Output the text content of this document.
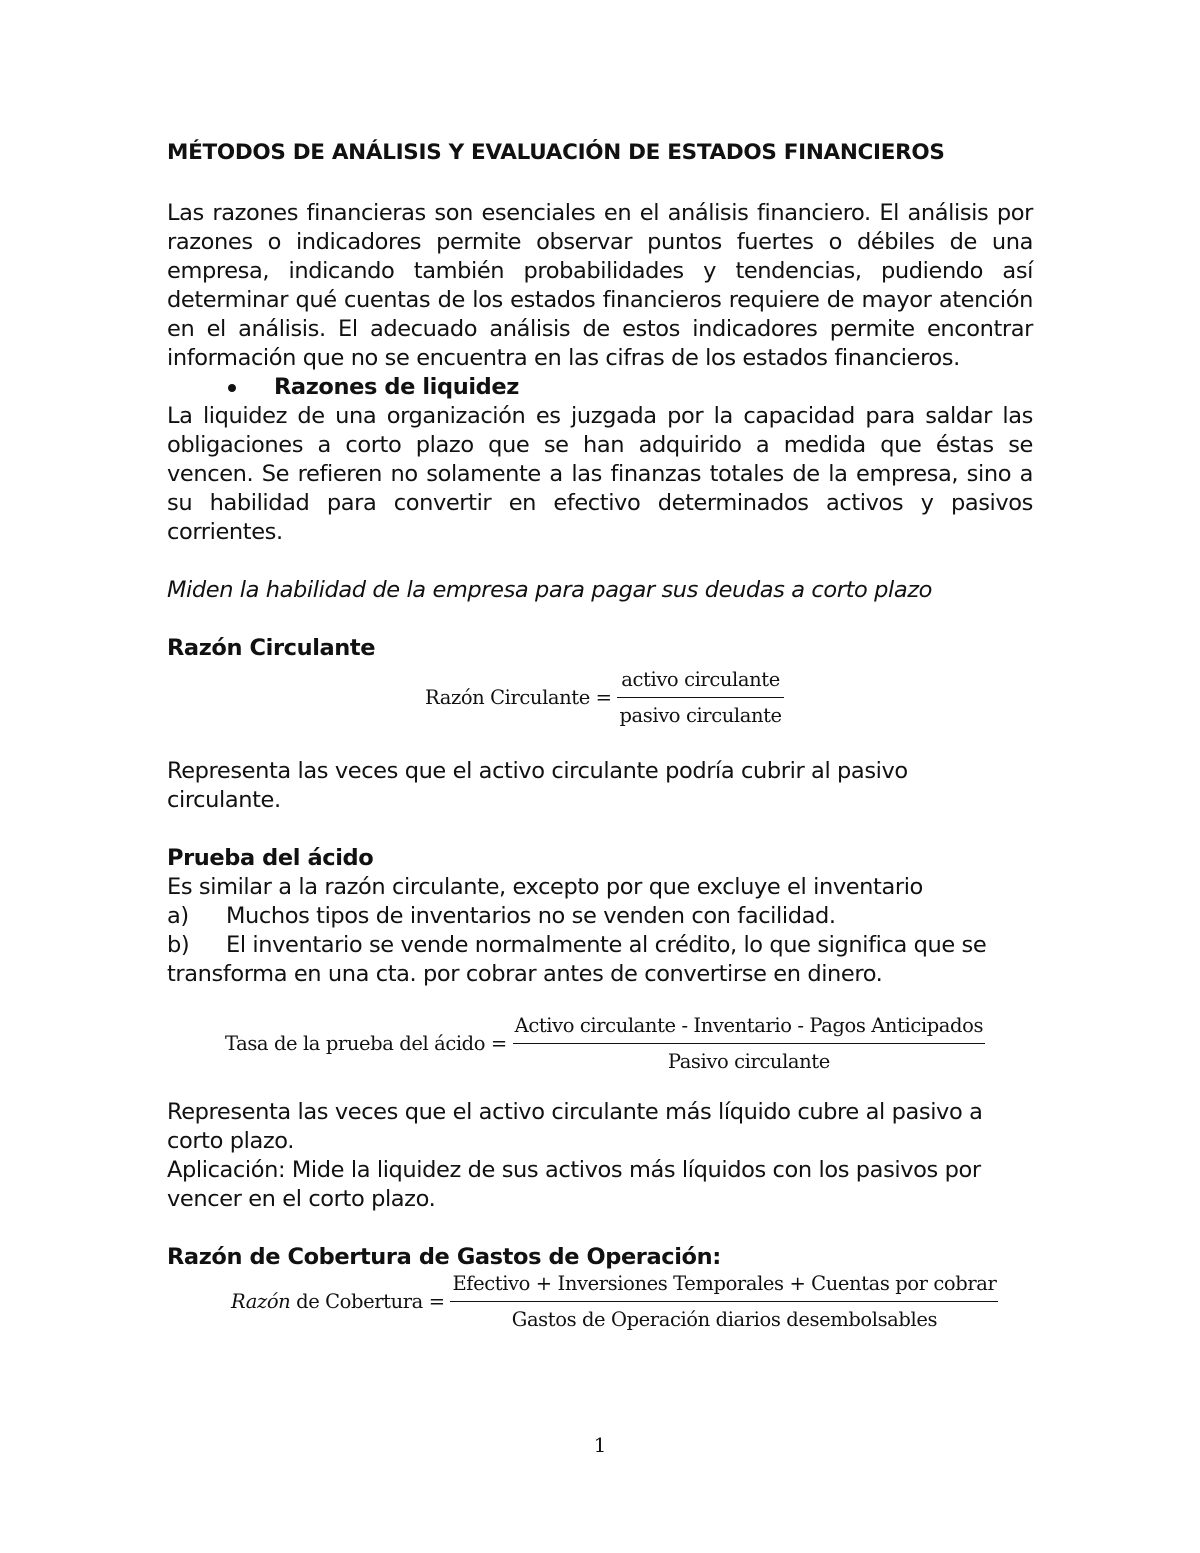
MÉTODOS DE ANÁLISIS Y EVALUACIÓN DE ESTADOS FINANCIEROS

Las razones financieras son esenciales en el análisis financiero. El análisis por razones o indicadores permite observar puntos fuertes o débiles de una empresa, indicando también probabilidades y tendencias, pudiendo así determinar qué cuentas de los estados financieros requiere de mayor atención en el análisis. El adecuado análisis de estos indicadores permite encontrar información que no se encuentra en las cifras de los estados financieros.

Razones de liquidez

La liquidez de una organización es juzgada por la capacidad para saldar las obligaciones a corto plazo que se han adquirido a medida que éstas se vencen. Se refieren no solamente a las finanzas totales de la empresa, sino a su habilidad para convertir en efectivo determinados activos y pasivos corrientes.

Miden la habilidad de la empresa para pagar sus deudas a corto plazo

Razón Circulante

Razón Circulante = $\frac{\text{activo circulante}}{\text{pasivo circulante}}$

Representa las veces que el activo circulante podría cubrir al pasivo circulante.

Prueba del ácido

Es similar a la razón circulante, excepto por que excluye el inventario

a) Muchos tipos de inventarios no se venden con facilidad.
b) El inventario se vende normalmente al crédito, lo que significa que se transforma en una cta. por cobrar antes de convertirse en dinero.
Tasa de la prueba del ácido = $\frac{\text{Activo circulante - Inventario - Pagos Anticipados}}{\text{Pasivo circulante}}$

Representa las veces que el activo circulante más líquido cubre al pasivo a corto plazo.

Aplicación: Mide la liquidez de sus activos más líquidos con los pasivos por vencer en el corto plazo.

Razón de Cobertura de Gastos de Operación:

Razón de Cobertura = $\frac{\text{Efectivo + Inversiones Temporales + Cuentas por cobrar}}{\text{Gastos de Operación diarios desembolsables}}$
1
